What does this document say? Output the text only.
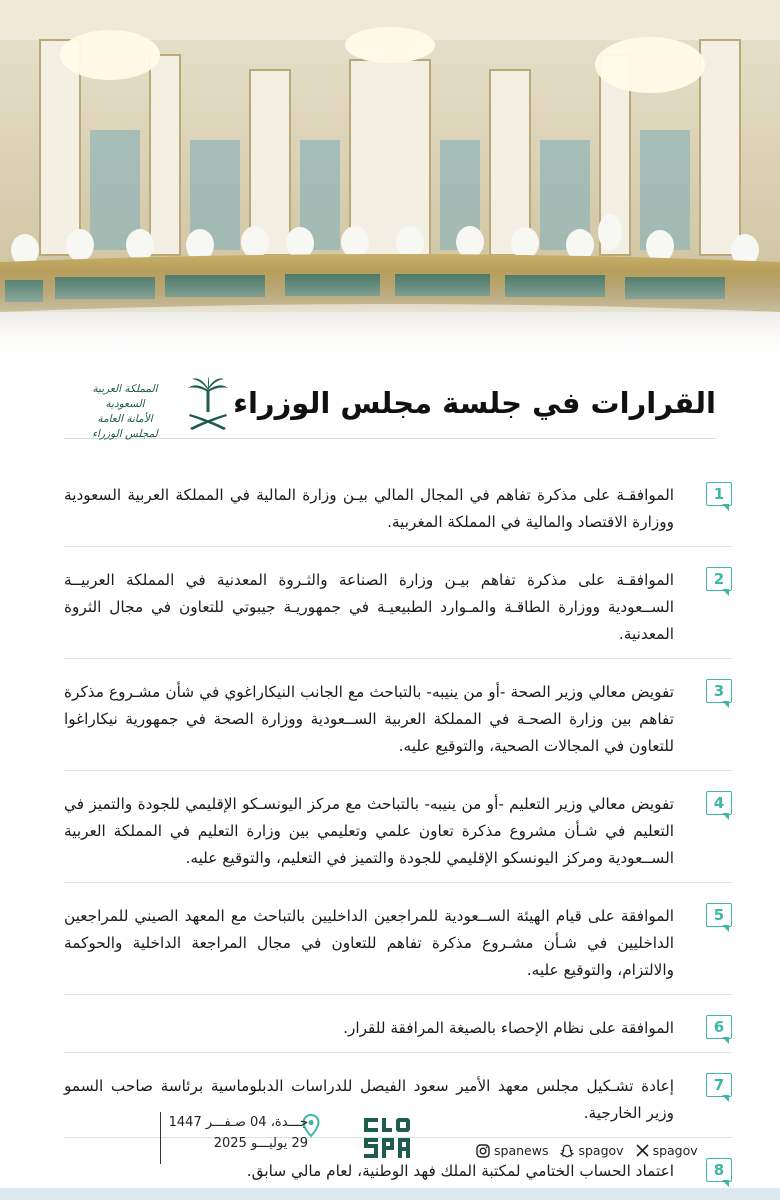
المملكة العربية السعودية
الأمانة العامة لمجلس الوزراء
القرارات في جلسة مجلس الوزراء
1
الموافقـة على مذكرة تفاهم في المجال المالي بيـن وزارة المالية في المملكة العربية السعودية ووزارة الاقتصاد والمالية في المملكة المغربية.
2
الموافقـة على مذكرة تفاهم بيـن وزارة الصناعة والثـروة المعدنية في المملكة العربيــة الســعودية ووزارة الطاقـة والمـوارد الطبيعيـة في جمهوريـة جيبوتي للتعاون في مجال الثروة المعدنية.
3
تفويض معالي وزير الصحة -أو من ينيبه- بالتباحث مع الجانب النيكاراغوي في شأن مشـروع مذكرة تفاهم بين وزارة الصحـة في المملكة العربية الســعودية ووزارة الصحة في جمهورية نيكاراغوا للتعاون في المجالات الصحية، والتوقيع عليه.
4
تفويض معالي وزير التعليم -أو من ينيبه- بالتباحث مع مركز اليونسـكو الإقليمي للجودة والتميز في التعليم في شـأن مشروع مذكرة تعاون علمي وتعليمي بين وزارة التعليم في المملكة العربية الســعودية ومركز اليونسكو الإقليمي للجودة والتميز في التعليم، والتوقيع عليه.
5
الموافقة على قيام الهيئة الســعودية للمراجعين الداخليين بالتباحث مع المعهد الصيني للمراجعين الداخليين في شـأن مشـروع مذكرة تفاهم للتعاون في مجال المراجعة الداخلية والحوكمة والالتزام، والتوقيع عليه.
6
الموافقة على نظام الإحصاء بالصيغة المرافقة للقرار.
7
إعادة تشـكيل مجلس معهد الأمير سعود الفيصل للدراسات الدبلوماسية برئاسة صاحب السمو وزير الخارجية.
8
اعتماد الحساب الختامي لمكتبة الملك فهد الوطنية، لعام مالي سابق.
جـــدة، 04 صـفـــر 1447
29 يوليـــو 2025	spanews spagov spagov
